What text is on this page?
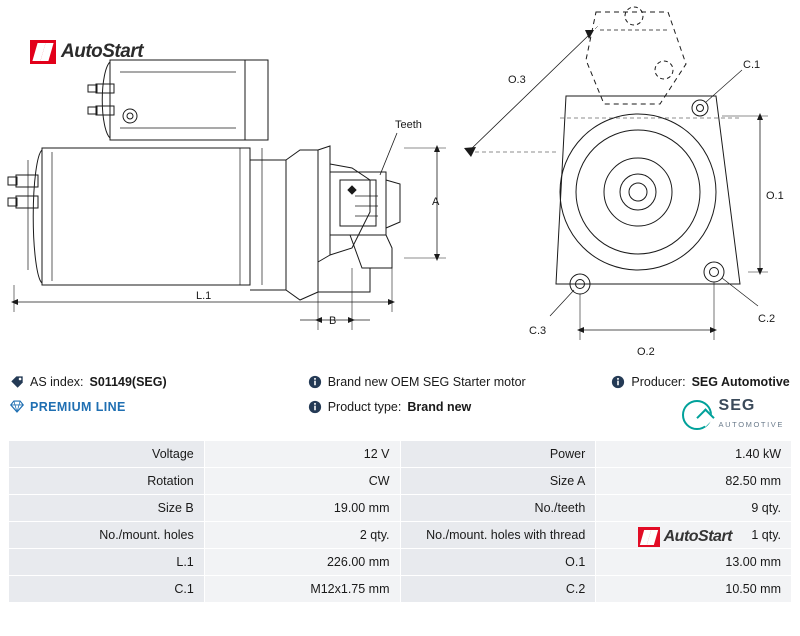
Teeth
A
B
L.1
O.1
O.2
O.3
C.1
C.2
C.3
AutoStart
AS index: S01149(SEG)	Brand new OEM SEG Starter motor	Producer: SEG Automotive
PREMIUM LINE	Product type: Brand new	SEG
AUTOMOTIVE
Voltage	12 V	Power	1.40 kW
Rotation	CW	Size A	82.50 mm
Size B	19.00 mm	No./teeth	9 qty.
No./mount. holes	2 qty.	No./mount. holes with thread	1 qty.
L.1	226.00 mm	O.1	13.00 mm
C.1	M12x1.75 mm	C.2	10.50 mm
AutoStart
